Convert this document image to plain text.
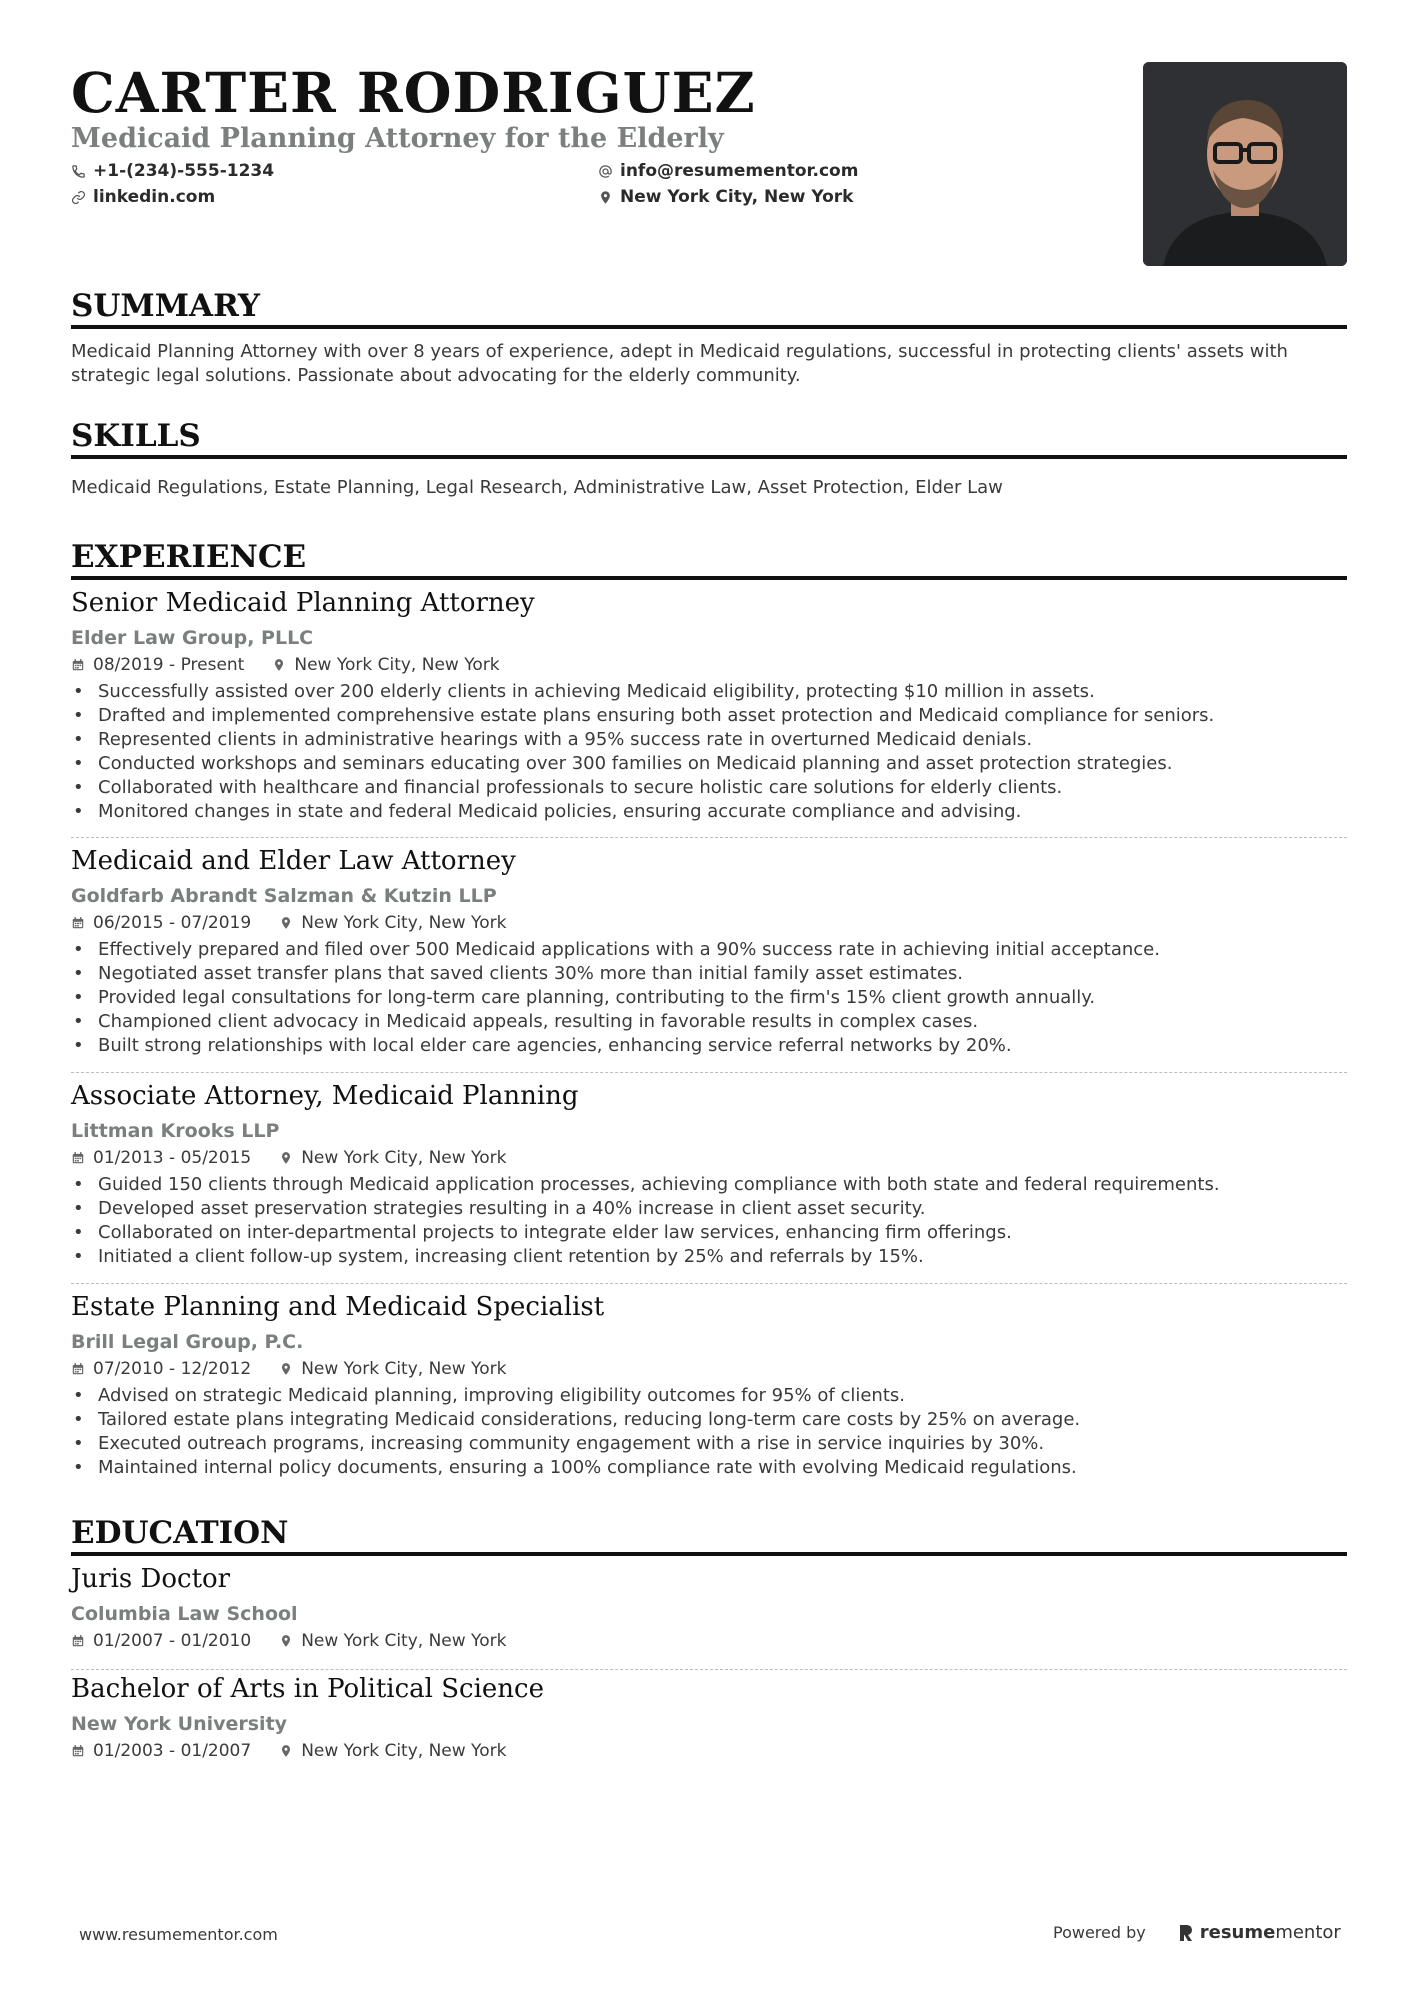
CARTER RODRIGUEZ
Medicaid Planning Attorney for the Elderly
+1-(234)-555-1234	info@resumementor.com
linkedin.com	New York City, New York
SUMMARY

Medicaid Planning Attorney with over 8 years of experience, adept in Medicaid regulations, successful in protecting clients' assets with strategic legal solutions. Passionate about advocating for the elderly community.

SKILLS

Medicaid Regulations, Estate Planning, Legal Research, Administrative Law, Asset Protection, Elder Law

EXPERIENCE
Senior Medicaid Planning Attorney
Elder Law Group, PLLC
08/2019 - Present	New York City, New York
• Successfully assisted over 200 elderly clients in achieving Medicaid eligibility, protecting $10 million in assets.
• Drafted and implemented comprehensive estate plans ensuring both asset protection and Medicaid compliance for seniors.
• Represented clients in administrative hearings with a 95% success rate in overturned Medicaid denials.
• Conducted workshops and seminars educating over 300 families on Medicaid planning and asset protection strategies.
• Collaborated with healthcare and financial professionals to secure holistic care solutions for elderly clients.
• Monitored changes in state and federal Medicaid policies, ensuring accurate compliance and advising.
Medicaid and Elder Law Attorney
Goldfarb Abrandt Salzman & Kutzin LLP
06/2015 - 07/2019	New York City, New York
• Effectively prepared and filed over 500 Medicaid applications with a 90% success rate in achieving initial acceptance.
• Negotiated asset transfer plans that saved clients 30% more than initial family asset estimates.
• Provided legal consultations for long-term care planning, contributing to the firm's 15% client growth annually.
• Championed client advocacy in Medicaid appeals, resulting in favorable results in complex cases.
• Built strong relationships with local elder care agencies, enhancing service referral networks by 20%.
Associate Attorney, Medicaid Planning
Littman Krooks LLP
01/2013 - 05/2015	New York City, New York
• Guided 150 clients through Medicaid application processes, achieving compliance with both state and federal requirements.
• Developed asset preservation strategies resulting in a 40% increase in client asset security.
• Collaborated on inter-departmental projects to integrate elder law services, enhancing firm offerings.
• Initiated a client follow-up system, increasing client retention by 25% and referrals by 15%.
Estate Planning and Medicaid Specialist
Brill Legal Group, P.C.
07/2010 - 12/2012	New York City, New York
• Advised on strategic Medicaid planning, improving eligibility outcomes for 95% of clients.
• Tailored estate plans integrating Medicaid considerations, reducing long-term care costs by 25% on average.
• Executed outreach programs, increasing community engagement with a rise in service inquiries by 30%.
• Maintained internal policy documents, ensuring a 100% compliance rate with evolving Medicaid regulations.
EDUCATION
Juris Doctor
Columbia Law School
01/2007 - 01/2010	New York City, New York
Bachelor of Arts in Political Science
New York University
01/2003 - 01/2007	New York City, New York
www.resumementor.com	Powered by	resumementor
